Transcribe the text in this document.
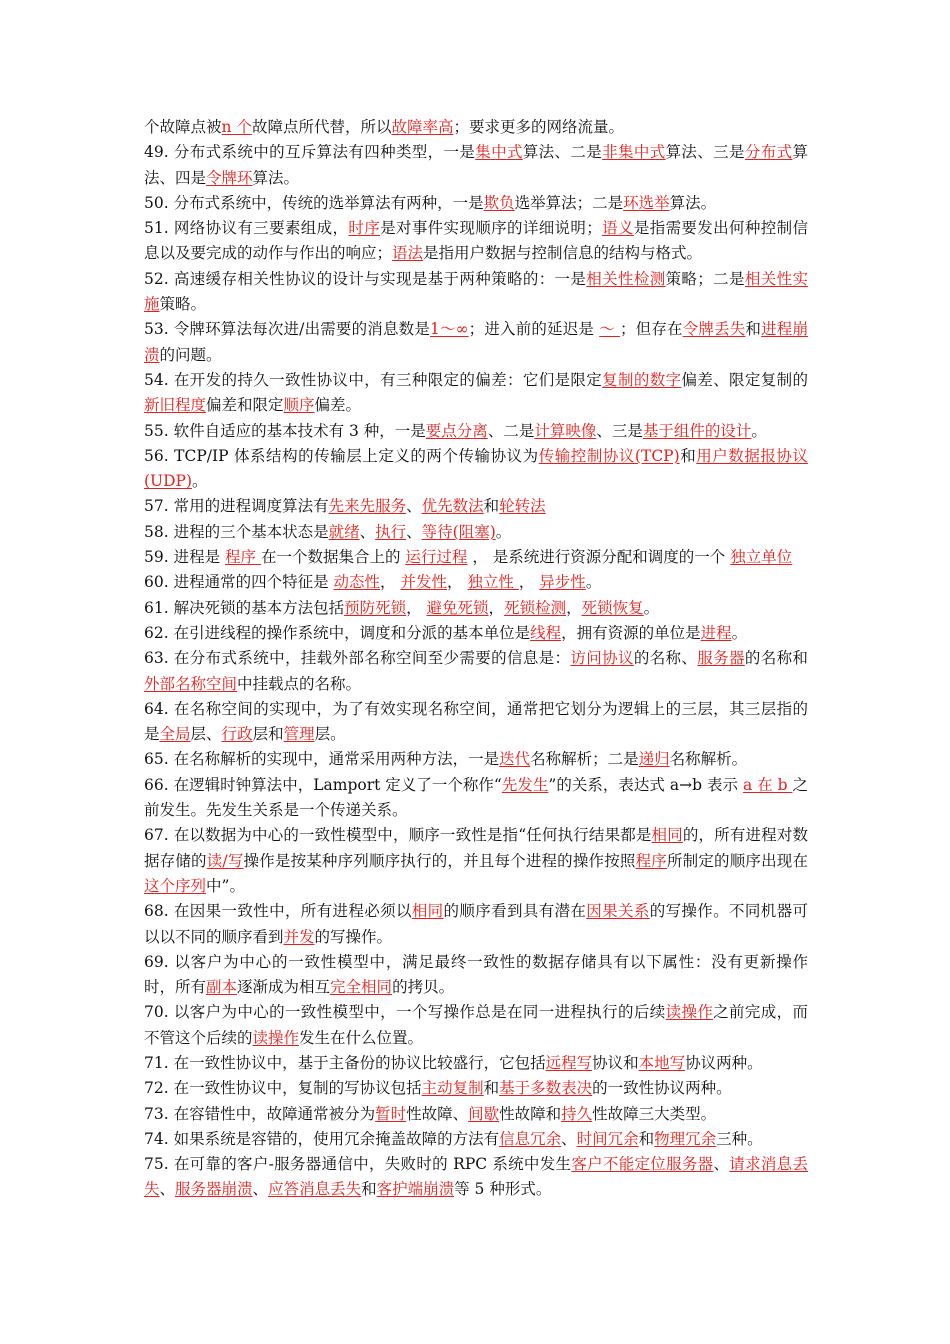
个故障点被n 个故障点所代替，所以故障率高；要求更多的网络流量。

49. 分布式系统中的互斥算法有四种类型，一是集中式算法、二是非集中式算法、三是分布式算法、四是令牌环算法。

50. 分布式系统中，传统的选举算法有两种，一是欺负选举算法；二是环选举算法。

51. 网络协议有三要素组成，时序是对事件实现顺序的详细说明；语义是指需要发出何种控制信息以及要完成的动作与作出的响应；语法是指用户数据与控制信息的结构与格式。

52. 高速缓存相关性协议的设计与实现是基于两种策略的：一是相关性检测策略；二是相关性实施策略。

53. 令牌环算法每次进/出需要的消息数是1～∞；进入前的延迟是 ～ ；但存在令牌丢失和进程崩溃的问题。

54. 在开发的持久一致性协议中，有三种限定的偏差：它们是限定复制的数字偏差、限定复制的新旧程度偏差和限定顺序偏差。

55. 软件自适应的基本技术有 3 种，一是要点分离、二是计算映像、三是基于组件的设计。

56. TCP/IP 体系结构的传输层上定义的两个传输协议为传输控制协议(TCP)和用户数据报协议(UDP)。

57. 常用的进程调度算法有先来先服务、优先数法和轮转法

58. 进程的三个基本状态是就绪、执行、等待(阻塞)。

59. 进程是 程序 在一个数据集合上的 运行过程 ， 是系统进行资源分配和调度的一个 独立单位

60. 进程通常的四个特征是 动态性， 并发性， 独立性 ， 异步性。

61. 解决死锁的基本方法包括预防死锁， 避免死锁，死锁检测，死锁恢复。

62. 在引进线程的操作系统中，调度和分派的基本单位是线程，拥有资源的单位是进程。

63. 在分布式系统中，挂载外部名称空间至少需要的信息是：访问协议的名称、服务器的名称和外部名称空间中挂载点的名称。

64. 在名称空间的实现中，为了有效实现名称空间，通常把它划分为逻辑上的三层，其三层指的是全局层、行政层和管理层。

65. 在名称解析的实现中，通常采用两种方法，一是迭代名称解析；二是递归名称解析。

66. 在逻辑时钟算法中，Lamport 定义了一个称作“先发生”的关系，表达式 a→b 表示 a 在 b 之前发生。先发生关系是一个传递关系。

67. 在以数据为中心的一致性模型中，顺序一致性是指“任何执行结果都是相同的，所有进程对数据存储的读/写操作是按某种序列顺序执行的，并且每个进程的操作按照程序所制定的顺序出现在这个序列中”。

68. 在因果一致性中，所有进程必须以相同的顺序看到具有潜在因果关系的写操作。不同机器可以以不同的顺序看到并发的写操作。

69. 以客户为中心的一致性模型中，满足最终一致性的数据存储具有以下属性：没有更新操作时，所有副本逐渐成为相互完全相同的拷贝。

70. 以客户为中心的一致性模型中，一个写操作总是在同一进程执行的后续读操作之前完成，而不管这个后续的读操作发生在什么位置。

71. 在一致性协议中，基于主备份的协议比较盛行，它包括远程写协议和本地写协议两种。

72. 在一致性协议中，复制的写协议包括主动复制和基于多数表决的一致性协议两种。

73. 在容错性中，故障通常被分为暂时性故障、间歇性故障和持久性故障三大类型。

74. 如果系统是容错的，使用冗余掩盖故障的方法有信息冗余、时间冗余和物理冗余三种。

75. 在可靠的客户-服务器通信中，失败时的 RPC 系统中发生客户不能定位服务器、请求消息丢失、服务器崩溃、应答消息丢失和客护端崩溃等 5 种形式。
